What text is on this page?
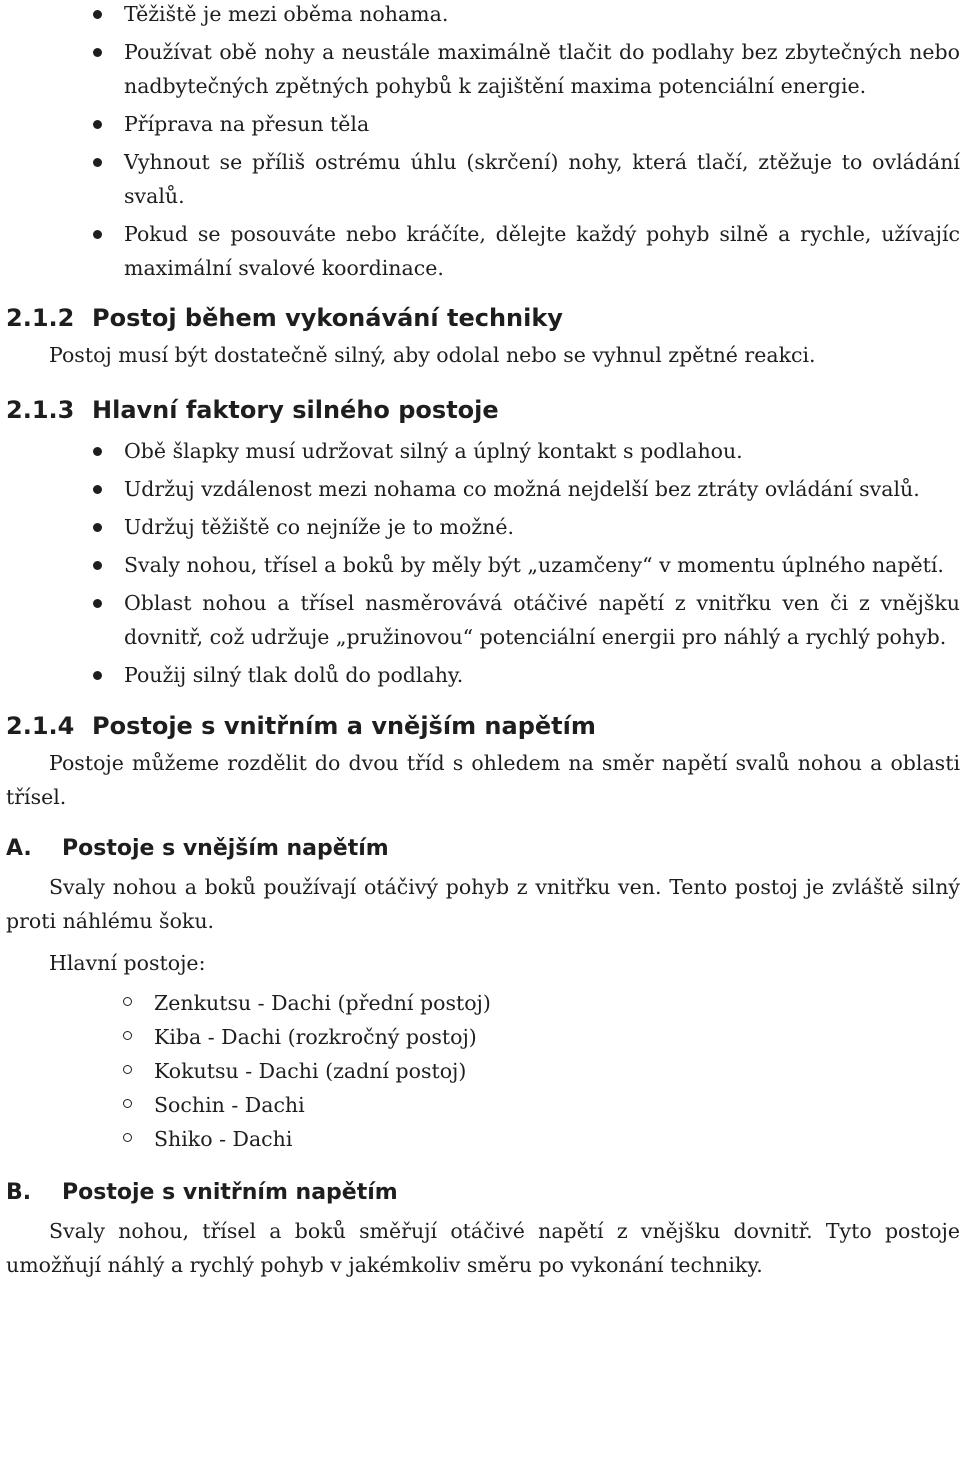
Těžiště je mezi oběma nohama.
Používat obě nohy a neustále maximálně tlačit do podlahy bez zbytečných nebo nadbytečných zpětných pohybů k zajištění maxima potenciální energie.
Příprava na přesun těla
Vyhnout se příliš ostrému úhlu (skrčení) nohy, která tlačí, ztěžuje to ovládání svalů.
Pokud se posouváte nebo kráčíte, dělejte každý pohyb silně a rychle, užívajíc maximální svalové koordinace.
2.1.2 Postoj během vykonávání techniky

Postoj musí být dostatečně silný, aby odolal nebo se vyhnul zpětné reakci.

2.1.3 Hlavní faktory silného postoje
Obě šlapky musí udržovat silný a úplný kontakt s podlahou.
Udržuj vzdálenost mezi nohama co možná nejdelší bez ztráty ovládání svalů.
Udržuj těžiště co nejníže je to možné.
Svaly nohou, třísel a boků by měly být „uzamčeny“ v momentu úplného napětí.
Oblast nohou a třísel nasměrovává otáčivé napětí z vnitřku ven či z vnějšku dovnitř, což udržuje „pružinovou“ potenciální energii pro náhlý a rychlý pohyb.
Použij silný tlak dolů do podlahy.
2.1.4 Postoje s vnitřním a vnějším napětím

Postoje můžeme rozdělit do dvou tříd s ohledem na směr napětí svalů nohou a oblasti třísel.

A. Postoje s vnějším napětím

Svaly nohou a boků používají otáčivý pohyb z vnitřku ven. Tento postoj je zvláště silný proti náhlému šoku.

Hlavní postoje:

Zenkutsu - Dachi (přední postoj)
Kiba - Dachi (rozkročný postoj)
Kokutsu - Dachi (zadní postoj)
Sochin - Dachi
Shiko - Dachi
B. Postoje s vnitřním napětím

Svaly nohou, třísel a boků směřují otáčivé napětí z vnějšku dovnitř. Tyto postoje umožňují náhlý a rychlý pohyb v jakémkoliv směru po vykonání techniky.
